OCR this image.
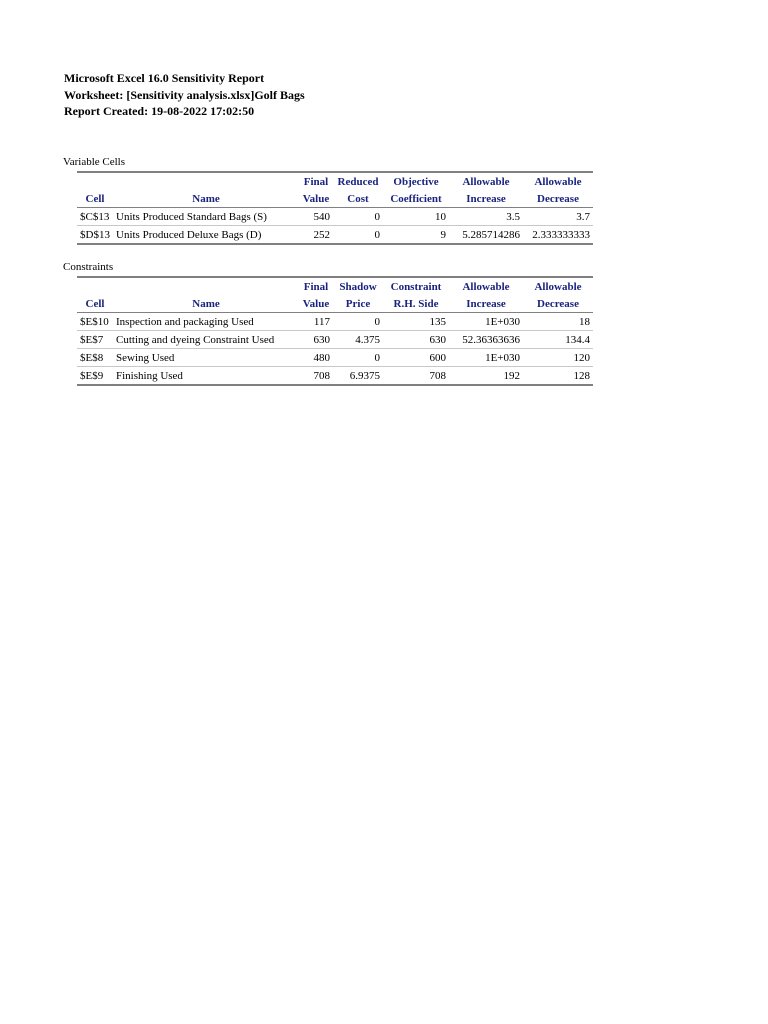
Microsoft Excel 16.0 Sensitivity Report
Worksheet: [Sensitivity analysis.xlsx]Golf Bags
Report Created: 19-08-2022 17:02:50
Variable Cells
		Final	Reduced	Objective	Allowable	Allowable
Cell	Name	Value	Cost	Coefficient	Increase	Decrease
$C$13	Units Produced Standard Bags (S)	540	0	10	3.5	3.7
$D$13	Units Produced Deluxe Bags (D)	252	0	9	5.285714286	2.333333333
Constraints
		Final	Shadow	Constraint	Allowable	Allowable
Cell	Name	Value	Price	R.H. Side	Increase	Decrease
$E$10	Inspection and packaging Used	117	0	135	1E+030	18
$E$7	Cutting and dyeing Constraint Used	630	4.375	630	52.36363636	134.4
$E$8	Sewing Used	480	0	600	1E+030	120
$E$9	Finishing Used	708	6.9375	708	192	128
